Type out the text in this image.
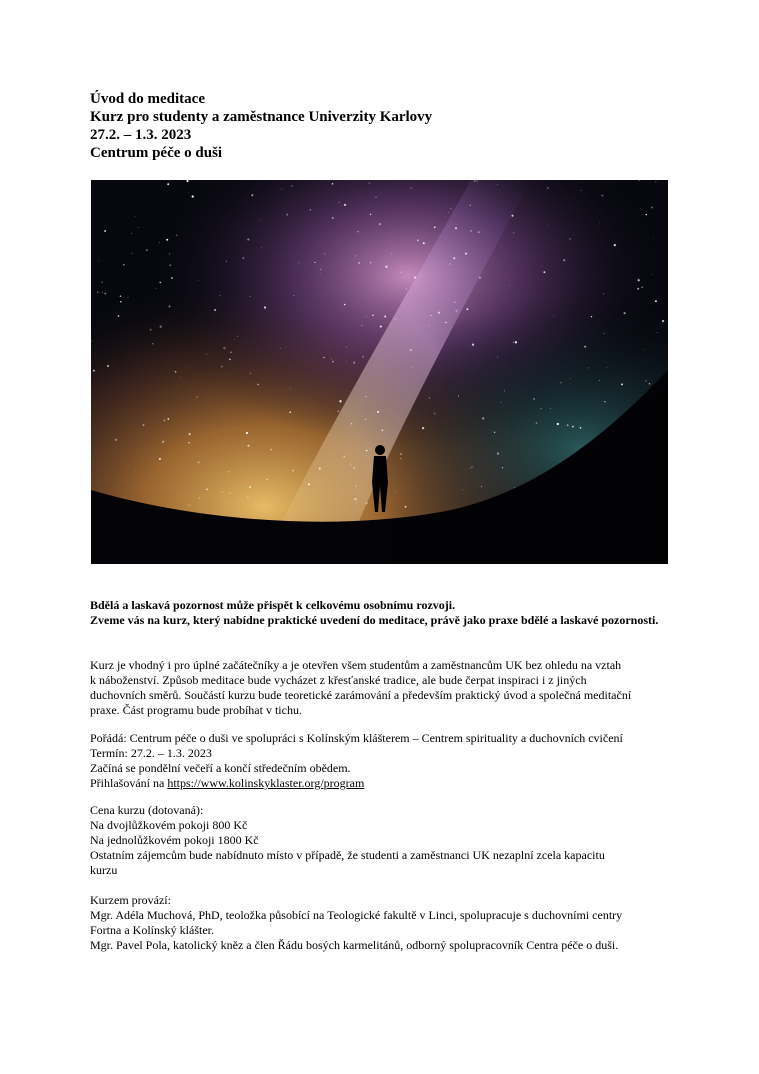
Úvod do meditace

Kurz pro studenty a zaměstnance Univerzity Karlovy

27.2. – 1.3. 2023

Centrum péče o duši

Bdělá a laskavá pozornost může přispět k celkovému osobnímu rozvoji.

Zveme vás na kurz, který nabídne praktické uvedení do meditace, právě jako praxe bdělé a laskavé pozornosti.

Kurz je vhodný i pro úplné začátečníky a je otevřen všem studentům a zaměstnancům UK bez ohledu na vztah

k náboženství. Způsob meditace bude vycházet z křesťanské tradice, ale bude čerpat inspiraci i z jiných

duchovních směrů. Součástí kurzu bude teoretické zarámování a především praktický úvod a společná meditační

praxe. Část programu bude probíhat v tichu.

Pořádá: Centrum péče o duši ve spolupráci s Kolínským klášterem – Centrem spirituality a duchovních cvičení

Termín: 27.2. – 1.3. 2023

Začíná se pondělní večeří a končí středečním obědem.

Přihlašování na https://www.kolinskyklaster.org/program

Cena kurzu (dotovaná):

Na dvojlůžkovém pokoji 800 Kč

Na jednolůžkovém pokoji 1800 Kč

Ostatním zájemcům bude nabídnuto místo v případě, že studenti a zaměstnanci UK nezaplní zcela kapacitu

kurzu

Kurzem provází:

Mgr. Adéla Muchová, PhD, teoložka působící na Teologické fakultě v Linci, spolupracuje s duchovními centry

Fortna a Kolínský klášter.

Mgr. Pavel Pola, katolický kněz a člen Řádu bosých karmelitánů, odborný spolupracovník Centra péče o duši.
